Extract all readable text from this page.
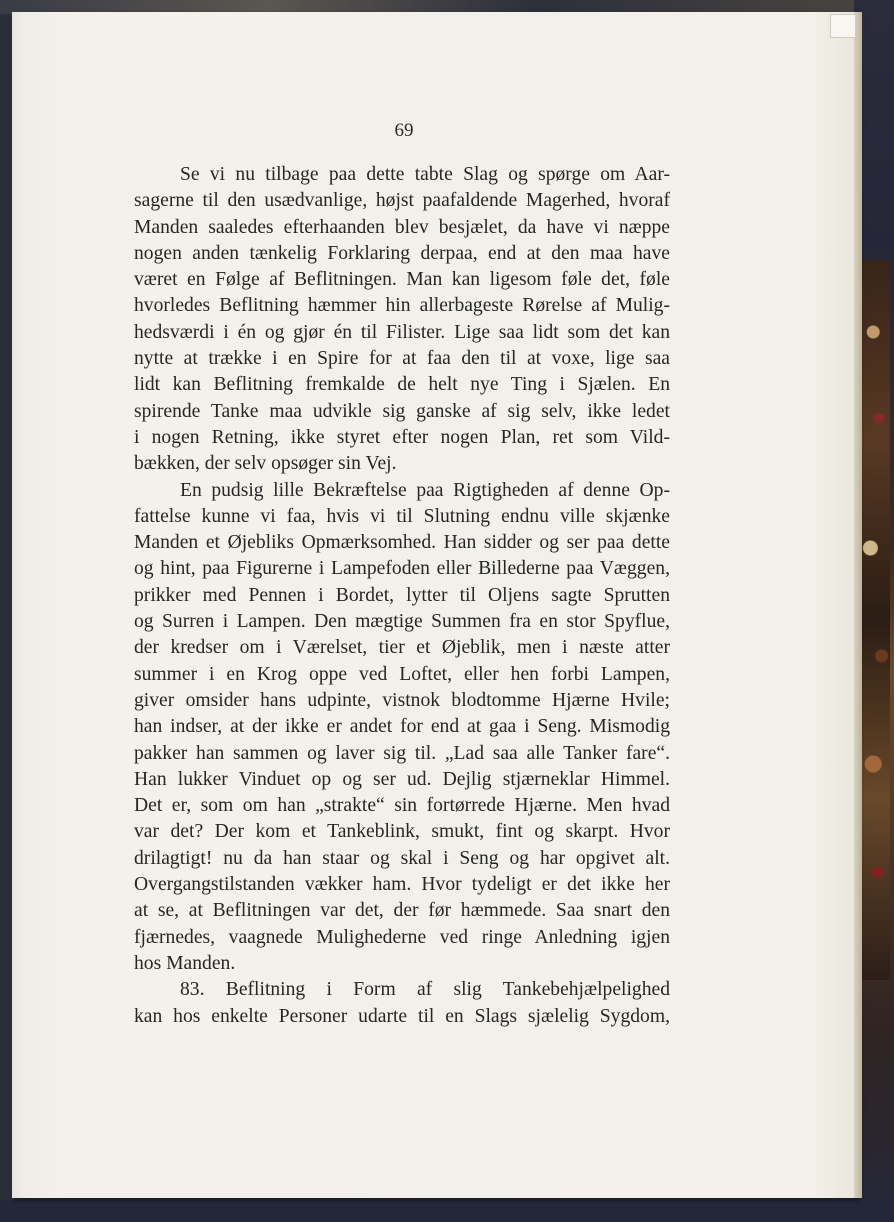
69
Se vi nu tilbage paa dette tabte Slag og spørge om Aar-
sagerne til den usædvanlige, højst paafaldende Magerhed, hvoraf
Manden saaledes efterhaanden blev besjælet, da have vi næppe
nogen anden tænkelig Forklaring derpaa, end at den maa have
været en Følge af Beflitningen. Man kan ligesom føle det, føle
hvorledes Beflitning hæmmer hin allerbageste Rørelse af Mulig-
hedsværdi i én og gjør én til Filister. Lige saa lidt som det kan
nytte at trække i en Spire for at faa den til at voxe, lige saa
lidt kan Beflitning fremkalde de helt nye Ting i Sjælen. En
spirende Tanke maa udvikle sig ganske af sig selv, ikke ledet
i nogen Retning, ikke styret efter nogen Plan, ret som Vild-
bækken, der selv opsøger sin Vej.
En pudsig lille Bekræftelse paa Rigtigheden af denne Op-
fattelse kunne vi faa, hvis vi til Slutning endnu ville skjænke
Manden et Øjebliks Opmærksomhed. Han sidder og ser paa dette
og hint, paa Figurerne i Lampefoden eller Billederne paa Væggen,
prikker med Pennen i Bordet, lytter til Oljens sagte Sprutten
og Surren i Lampen. Den mægtige Summen fra en stor Spyflue,
der kredser om i Værelset, tier et Øjeblik, men i næste atter
summer i en Krog oppe ved Loftet, eller hen forbi Lampen,
giver omsider hans udpinte, vistnok blodtomme Hjærne Hvile;
han indser, at der ikke er andet for end at gaa i Seng. Mismodig
pakker han sammen og laver sig til. „Lad saa alle Tanker fare“.
Han lukker Vinduet op og ser ud. Dejlig stjærneklar Himmel.
Det er, som om han „strakte“ sin fortørrede Hjærne. Men hvad
var det? Der kom et Tankeblink, smukt, fint og skarpt. Hvor
drilagtigt! nu da han staar og skal i Seng og har opgivet alt.
Overgangstilstanden vækker ham. Hvor tydeligt er det ikke her
at se, at Beflitningen var det, der før hæmmede. Saa snart den
fjærnedes, vaagnede Mulighederne ved ringe Anledning igjen
hos Manden.
83. Beflitning i Form af slig Tankebehjælpelighed
kan hos enkelte Personer udarte til en Slags sjælelig Sygdom,
